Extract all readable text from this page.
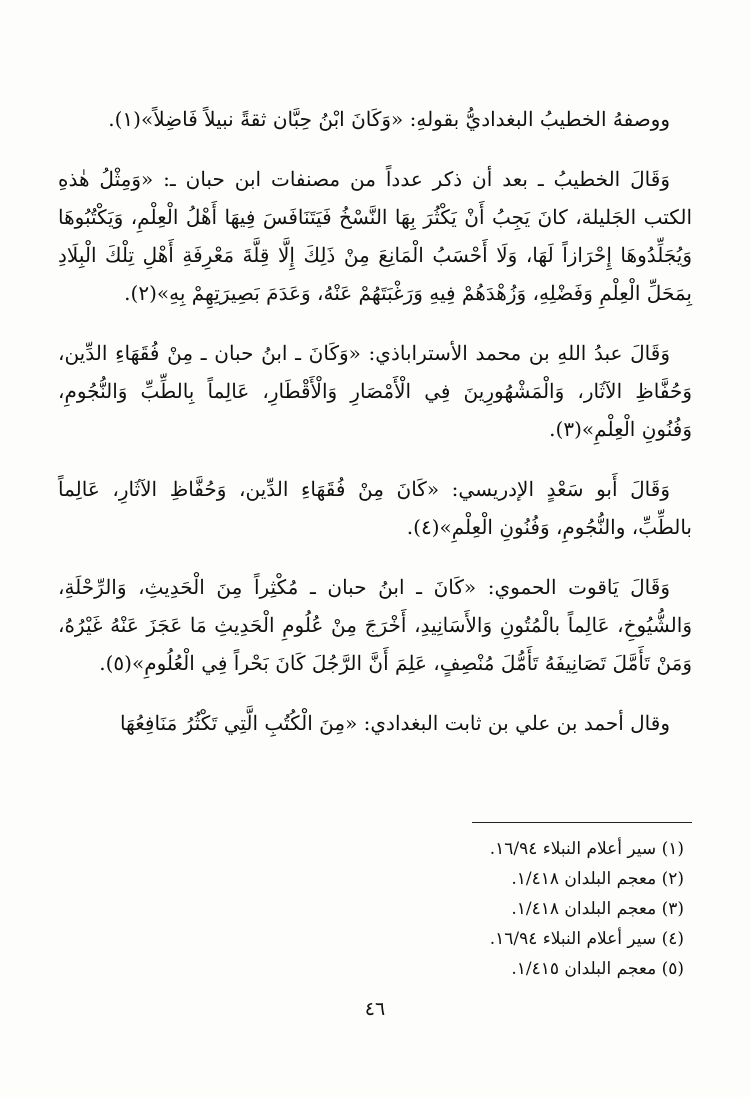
ووصفهُ الخطيبُ البغداديُّ بقولهِ: «وَكَانَ ابْنُ حِبَّان ثقةً نبيلاً فَاضِلاً»(١).

وَقَالَ الخطيبُ ـ بعد أن ذكر عدداً من مصنفات ابن حبان ـ: «وَمِثْلُ هٰذهِ الكتب الجَليلة، كانَ يَجِبُ أَنْ يَكْثُرَ بِهَا النَّسْخُ فَيَتَنَافَسَ فِيهَا أَهْلُ الْعِلْمِ، وَيَكْتُبُوهَا وَيُجَلِّدُوهَا إِحْرَازاً لَهَا، وَلَا أَحْسَبُ الْمَانِعَ مِنْ ذَلِكَ إِلَّا قِلَّةَ مَعْرِفَةِ أَهْلِ تِلْكَ الْبِلَادِ بِمَحَلِّ الْعِلْمِ وَفَضْلِهِ، وَزُهْدَهُمْ فِيهِ وَرَغْبَتَهُمْ عَنْهُ، وَعَدَمَ بَصِيرَتِهِمْ بِهِ»(٢).

وَقَالَ عبدُ اللهِ بن محمد الأستراباذي: «وَكَانَ ـ ابنُ حبان ـ مِنْ فُقَهَاءِ الدِّين، وَحُفَّاظِ الآثَار، وَالْمَشْهُورِينَ فِي الْأَمْصَارِ وَالْأَقْطَارِ، عَالِماً بِالطِّبِّ وَالنُّجُومِ، وَفُنُونِ الْعِلْمِ»(٣).

وَقَالَ أَبو سَعْدٍ الإدريسي: «كَانَ مِنْ فُقَهَاءِ الدِّين، وَحُفَّاظِ الآثَارِ، عَالِماً بالطِّبِّ، والنُّجُومِ، وَفُنُونِ الْعِلْمِ»(٤).

وَقَالَ يَاقوت الحموي: «كَانَ ـ ابنُ حبان ـ مُكْثِراً مِنَ الْحَدِيثِ، وَالرِّحْلَةِ، وَالشُّيُوخِ، عَالِماً بالْمُتُونِ وَالأَسَانِيدِ، أَخْرَجَ مِنْ عُلُومِ الْحَدِيثِ مَا عَجَزَ عَنْهُ غَيْرُهُ، وَمَنْ تَأَمَّلَ تَصَانِيفَهُ تَأَمُّلَ مُنْصِفٍ، عَلِمَ أَنَّ الرَّجُلَ كَانَ بَحْراً فِي الْعُلُومِ»(٥).

وقال أحمد بن علي بن ثابت البغدادي: «مِنَ الْكُتُبِ الَّتِي تَكْثُرُ مَنَافِعُهَا

(١) سير أعلام النبلاء ١٦/٩٤.

(٢) معجم البلدان ١/٤١٨.

(٣) معجم البلدان ١/٤١٨.

(٤) سير أعلام النبلاء ١٦/٩٤.

(٥) معجم البلدان ١/٤١٥.

٤٦
